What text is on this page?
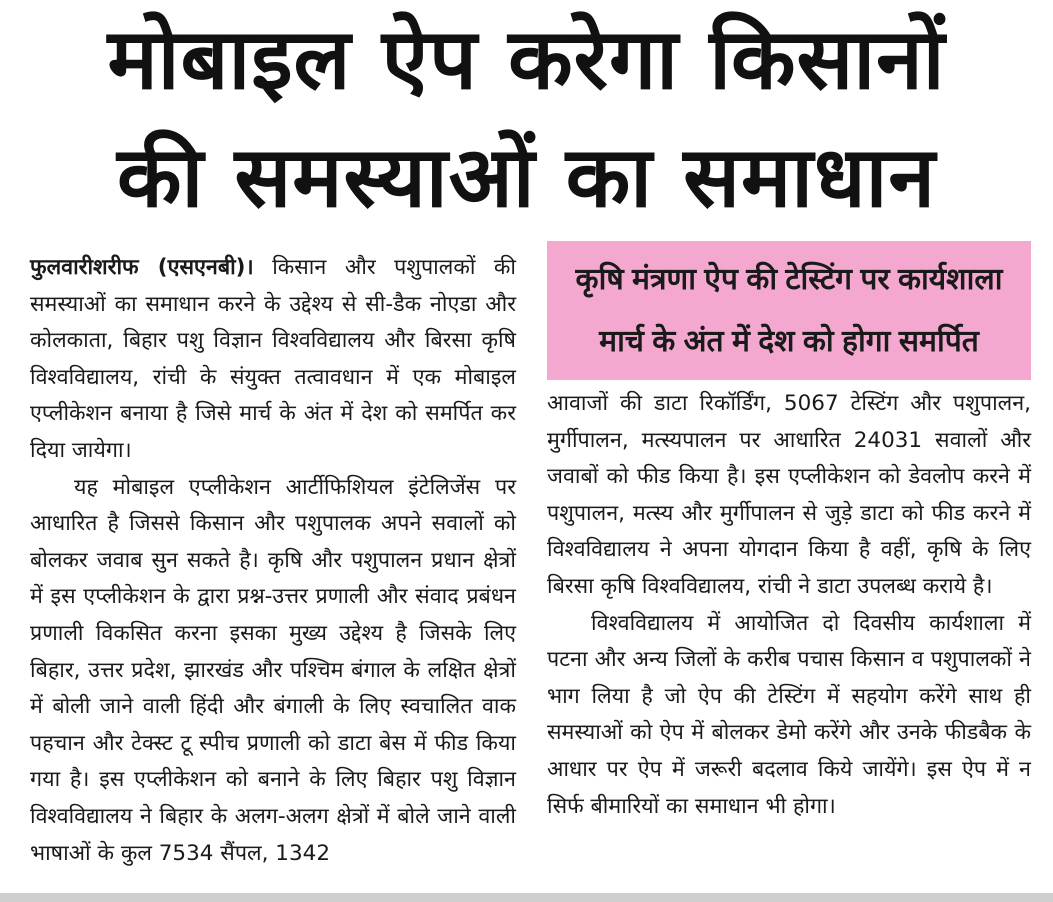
मोबाइल ऐप करेगा किसानों
की समस्याओं का समाधान

फुलवारीशरीफ (एसएनबी)। किसान और पशुपालकों की समस्याओं का समाधान करने के उद्देश्य से सी-डैक नोएडा और कोलकाता, बिहार पशु विज्ञान विश्वविद्यालय और बिरसा कृषि विश्वविद्यालय, रांची के संयुक्त तत्वावधान में एक मोबाइल एप्लीकेशन बनाया है जिसे मार्च के अंत में देश को समर्पित कर दिया जायेगा।

यह मोबाइल एप्लीकेशन आर्टीफिशियल इंटेलिजेंस पर आधारित है जिससे किसान और पशुपालक अपने सवालों को बोलकर जवाब सुन सकते है। कृषि और पशुपालन प्रधान क्षेत्रों में इस एप्लीकेशन के द्वारा प्रश्न-उत्तर प्रणाली और संवाद प्रबंधन प्रणाली विकसित करना इसका मुख्य उद्देश्य है जिसके लिए बिहार, उत्तर प्रदेश, झारखंड और पश्चिम बंगाल के लक्षित क्षेत्रों में बोली जाने वाली हिंदी और बंगाली के लिए स्वचालित वाक पहचान और टेक्स्ट टू स्पीच प्रणाली को डाटा बेस में फीड किया गया है। इस एप्लीकेशन को बनाने के लिए बिहार पशु विज्ञान विश्वविद्यालय ने बिहार के अलग-अलग क्षेत्रों में बोले जाने वाली भाषाओं के कुल 7534 सैंपल, 1342

कृषि मंत्रणा ऐप की टेस्टिंग पर कार्यशाला
मार्च के अंत में देश को होगा समर्पित

आवाजों की डाटा रिकॉर्डिंग, 5067 टेस्टिंग और पशुपालन, मुर्गीपालन, मत्स्यपालन पर आधारित 24031 सवालों और जवाबों को फीड किया है। इस एप्लीकेशन को डेवलोप करने में पशुपालन, मत्स्य और मुर्गीपालन से जुड़े डाटा को फीड करने में विश्वविद्यालय ने अपना योगदान किया है वहीं, कृषि के लिए बिरसा कृषि विश्वविद्यालय, रांची ने डाटा उपलब्ध कराये है।

विश्वविद्यालय में आयोजित दो दिवसीय कार्यशाला में पटना और अन्य जिलों के करीब पचास किसान व पशुपालकों ने भाग लिया है जो ऐप की टेस्टिंग में सहयोग करेंगे साथ ही समस्याओं को ऐप में बोलकर डेमो करेंगे और उनके फीडबैक के आधार पर ऐप में जरूरी बदलाव किये जायेंगे। इस ऐप में न सिर्फ बीमारियों का समाधान भी होगा।
